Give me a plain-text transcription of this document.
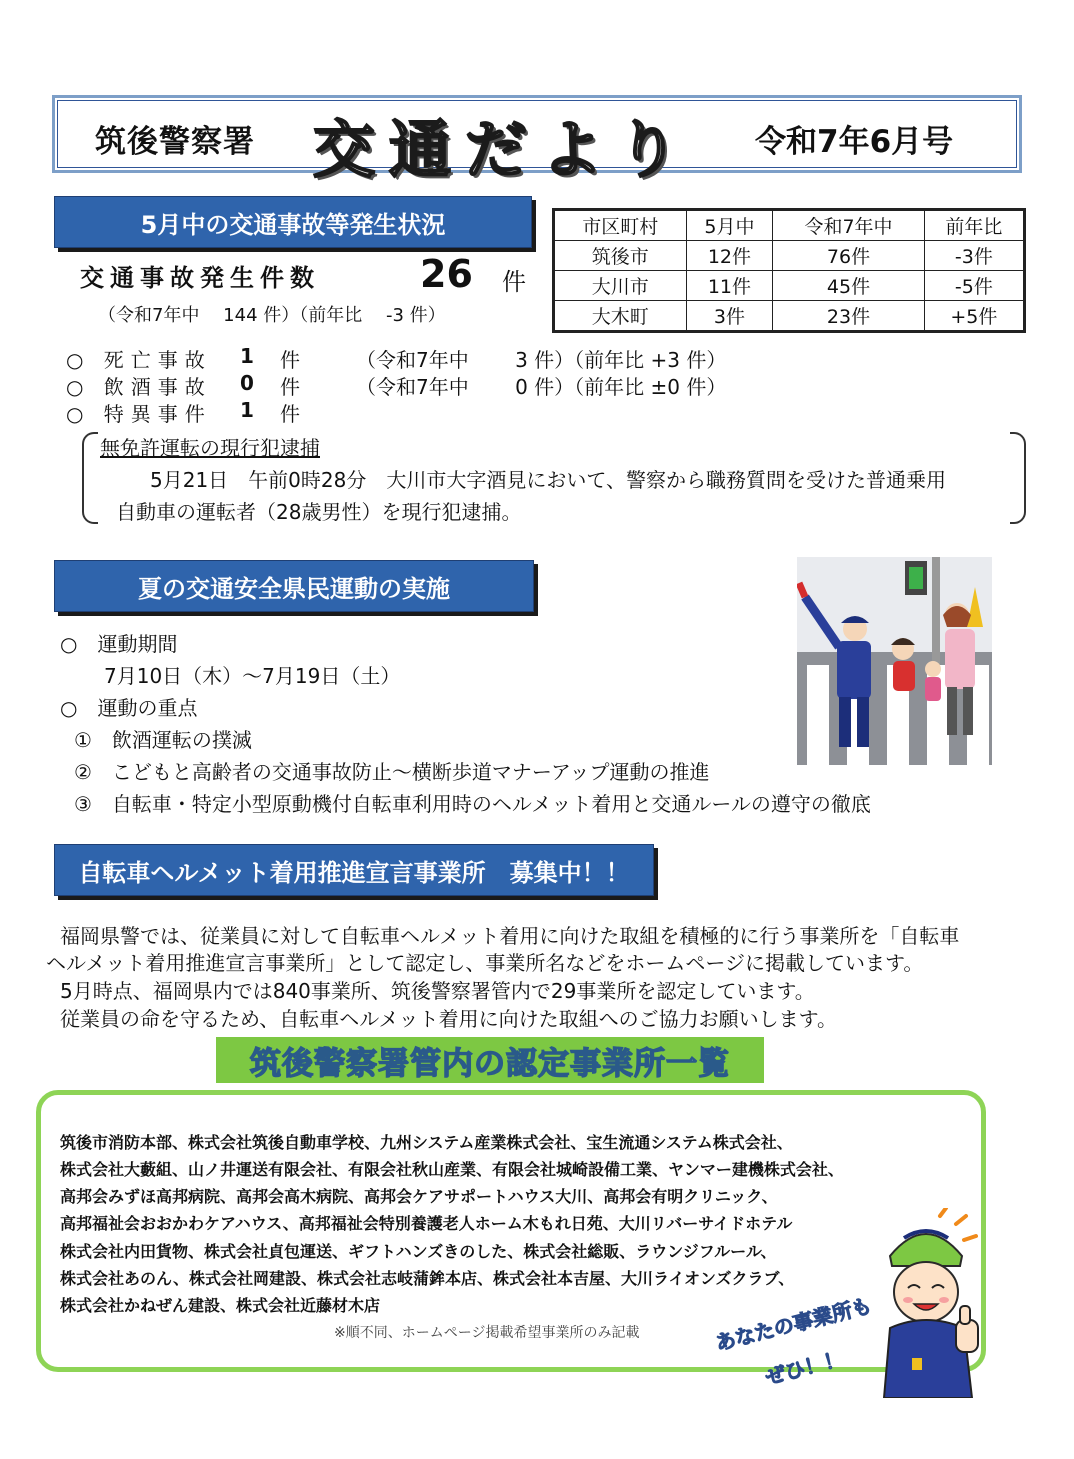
筑後警察署 交通だより 令和7年6月号
5月中の交通事故等発生状況
交通事故発生件数	26 件
（令和7年中　 144 件）（前年比　 -3 件）
市区町村	5月中	令和7年中	前年比
筑後市	12件	76件	-3件
大川市	11件	45件	-5件
大木町	3件	23件	+5件
○ 死亡事故 1 件	（令和7年中　　 3 件）（前年比 +3 件）
○ 飲酒事故 0 件	（令和7年中　　 0 件）（前年比 ±0 件）
○ 特異事件 1 件
無免許運転の現行犯逮捕
5月21日　午前0時28分　大川市大字酒見において、警察から職務質問を受けた普通乗用
自動車の運転者（28歳男性）を現行犯逮捕。
夏の交通安全県民運動の実施
○　運動期間
7月10日（木）～7月19日（土）
○　運動の重点
①　飲酒運転の撲滅
②　こどもと高齢者の交通事故防止～横断歩道マナーアップ運動の推進
③　自転車・特定小型原動機付自転車利用時のヘルメット着用と交通ルールの遵守の徹底
自転車ヘルメット着用推進宣言事業所　募集中！！
福岡県警では、従業員に対して自転車ヘルメット着用に向けた取組を積極的に行う事業所を「自転車
ヘルメット着用推進宣言事業所」として認定し、事業所名などをホームページに掲載しています。
5月時点、福岡県内では840事業所、筑後警察署管内で29事業所を認定しています。
従業員の命を守るため、自転車ヘルメット着用に向けた取組へのご協力お願いします。
筑後警察署管内の認定事業所一覧
筑後市消防本部、株式会社筑後自動車学校、九州システム産業株式会社、宝生流通システム株式会社、
株式会社大藪組、山ノ井運送有限会社、有限会社秋山産業、有限会社城崎設備工業、ヤンマー建機株式会社、
高邦会みずほ高邦病院、高邦会高木病院、高邦会ケアサポートハウス大川、高邦会有明クリニック、
高邦福祉会おおかわケアハウス、高邦福祉会特別養護老人ホーム木もれ日苑、大川リバーサイドホテル
株式会社内田貨物、株式会社貞包運送、ギフトハンズきのした、株式会社総販、ラウンジフルール、
株式会社あのん、株式会社岡建設、株式会社志岐蒲鉾本店、株式会社本吉屋、大川ライオンズクラブ、
株式会社かねぜん建設、株式会社近藤材木店
※順不同、ホームページ掲載希望事業所のみ記載	あなたの事業所も
ぜひ！！
